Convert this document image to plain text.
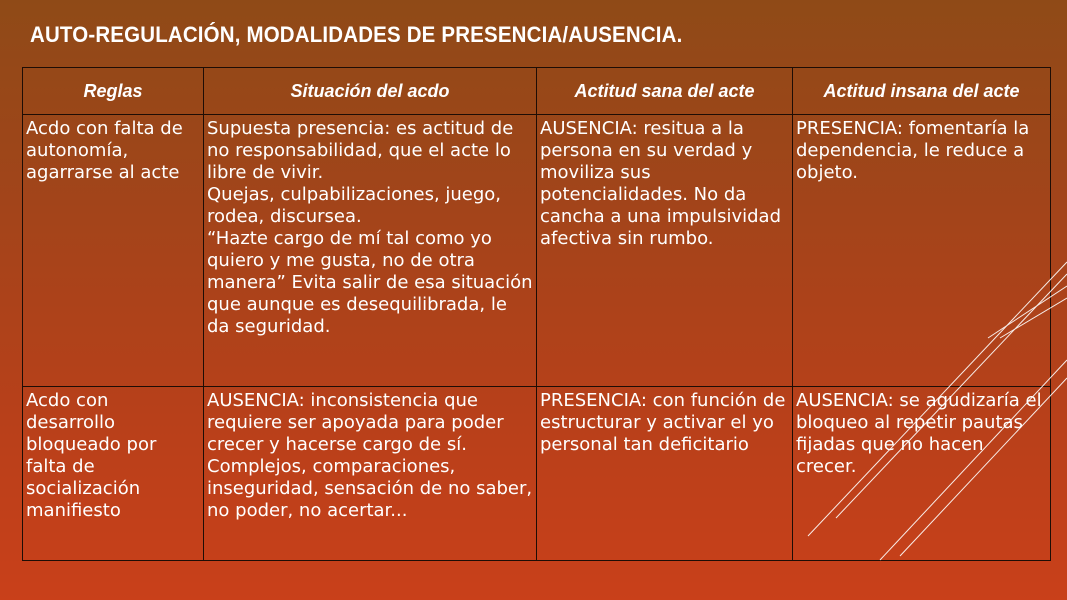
AUTO-REGULACIÓN, MODALIDADES DE PRESENCIA/AUSENCIA.
Reglas	Situación del acdo	Actitud sana del acte	Actitud insana del acte
Acdo con falta de autonomía, agarrarse al acte	Supuesta presencia: es actitud de no responsabilidad, que el acte lo libre de vivir.
Quejas, culpabilizaciones, juego, rodea, discursea.
“Hazte cargo de mí tal como yo quiero y me gusta, no de otra manera” Evita salir de esa situación que aunque es desequilibrada, le da seguridad.	AUSENCIA: resitua a la persona en su verdad y moviliza sus potencialidades. No da cancha a una impulsividad afectiva sin rumbo.	PRESENCIA: fomentaría la dependencia, le reduce a objeto.
Acdo con desarrollo bloqueado por falta de socialización manifiesto	AUSENCIA: inconsistencia que requiere ser apoyada para poder crecer y hacerse cargo de sí.
Complejos, comparaciones, inseguridad, sensación de no saber, no poder, no acertar...	PRESENCIA: con función de estructurar y activar el yo personal tan deficitario	AUSENCIA: se agudizaría el bloqueo al repetir pautas fijadas que no hacen crecer.
